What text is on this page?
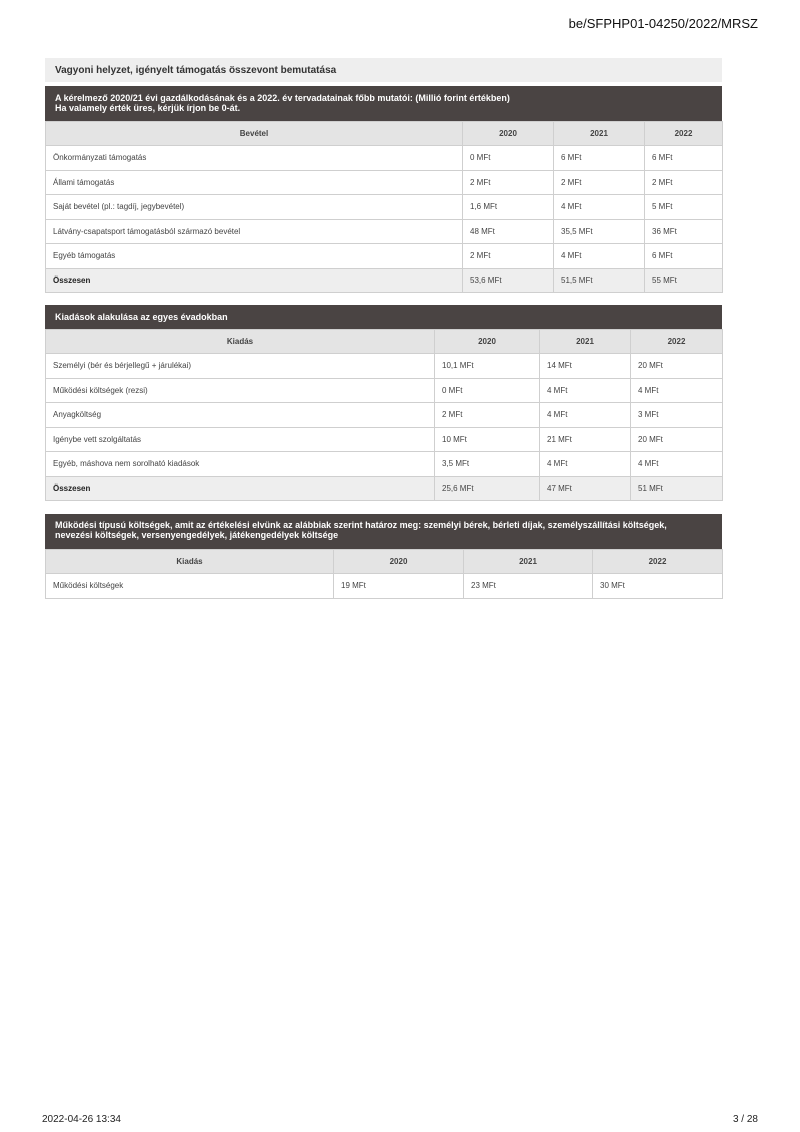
be/SFPHP01-04250/2022/MRSZ
Vagyoni helyzet, igényelt támogatás összevont bemutatása
A kérelmező 2020/21 évi gazdálkodásának és a 2022. év tervadatainak főbb mutatói: (Millió forint értékben)
Ha valamely érték üres, kérjük írjon be 0-át.
Bevétel	2020	2021	2022
Önkormányzati támogatás	0 MFt	6 MFt	6 MFt
Állami támogatás	2 MFt	2 MFt	2 MFt
Saját bevétel (pl.: tagdíj, jegybevétel)	1,6 MFt	4 MFt	5 MFt
Látvány-csapatsport támogatásból származó bevétel	48 MFt	35,5 MFt	36 MFt
Egyéb támogatás	2 MFt	4 MFt	6 MFt
Összesen	53,6 MFt	51,5 MFt	55 MFt
Kiadások alakulása az egyes évadokban
Kiadás	2020	2021	2022
Személyi (bér és bérjellegű + járulékai)	10,1 MFt	14 MFt	20 MFt
Működési költségek (rezsi)	0 MFt	4 MFt	4 MFt
Anyagköltség	2 MFt	4 MFt	3 MFt
Igénybe vett szolgáltatás	10 MFt	21 MFt	20 MFt
Egyéb, máshova nem sorolható kiadások	3,5 MFt	4 MFt	4 MFt
Összesen	25,6 MFt	47 MFt	51 MFt
Működési típusú költségek, amit az értékelési elvünk az alábbiak szerint határoz meg: személyi bérek, bérleti díjak, személyszállítási költségek,
nevezési költségek, versenyengedélyek, játékengedélyek költsége
Kiadás	2020	2021	2022
Működési költségek	19 MFt	23 MFt	30 MFt
2022-04-26 13:34	3 / 28
